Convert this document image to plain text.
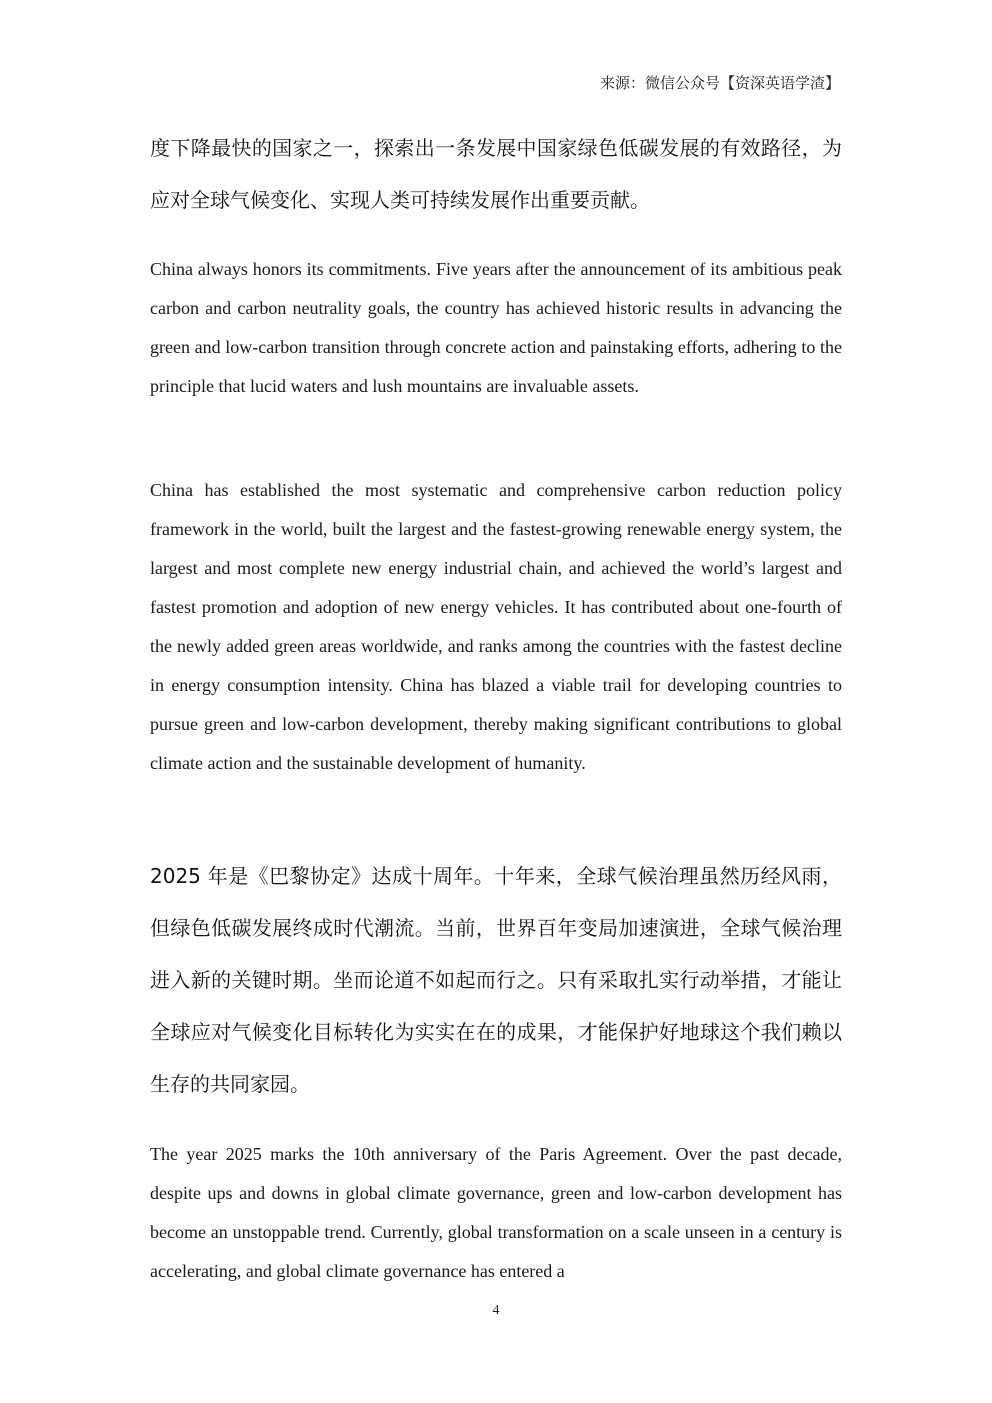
来源：微信公众号【资深英语学渣】

度下降最快的国家之一，探索出一条发展中国家绿色低碳发展的有效路径，为应对全球气候变化、实现人类可持续发展作出重要贡献。

China always honors its commitments. Five years after the announcement of its ambitious peak carbon and carbon neutrality goals, the country has achieved historic results in advancing the green and low-carbon transition through concrete action and painstaking efforts, adhering to the principle that lucid waters and lush mountains are invaluable assets.

China has established the most systematic and comprehensive carbon reduction policy framework in the world, built the largest and the fastest-growing renewable energy system, the largest and most complete new energy industrial chain, and achieved the world’s largest and fastest promotion and adoption of new energy vehicles. It has contributed about one-fourth of the newly added green areas worldwide, and ranks among the countries with the fastest decline in energy consumption intensity. China has blazed a viable trail for developing countries to pursue green and low-carbon development, thereby making significant contributions to global climate action and the sustainable development of humanity.

2025 年是《巴黎协定》达成十周年。十年来，全球气候治理虽然历经风雨，但绿色低碳发展终成时代潮流。当前，世界百年变局加速演进，全球气候治理进入新的关键时期。坐而论道不如起而行之。只有采取扎实行动举措，才能让全球应对气候变化目标转化为实实在在的成果，才能保护好地球这个我们赖以生存的共同家园。

The year 2025 marks the 10th anniversary of the Paris Agreement. Over the past decade, despite ups and downs in global climate governance, green and low-carbon development has become an unstoppable trend. Currently, global transformation on a scale unseen in a century is accelerating, and global climate governance has entered a

4
